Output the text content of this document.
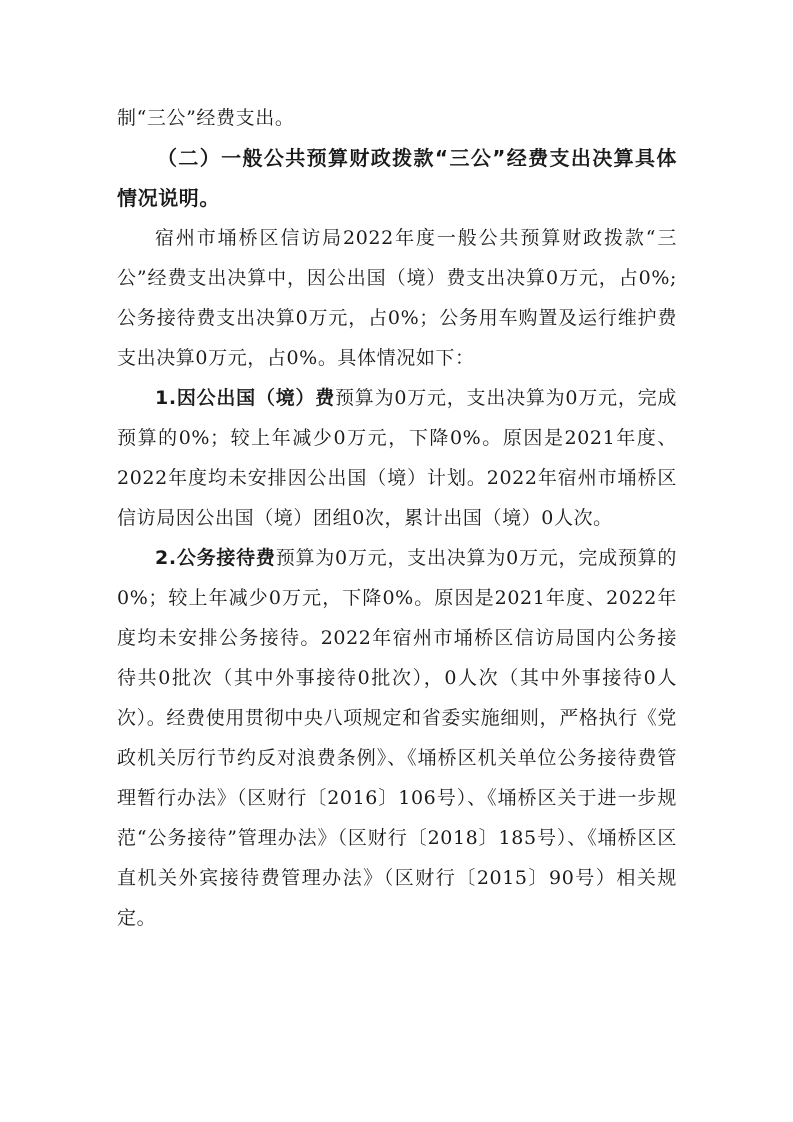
制“三公”经费支出。

（二）一般公共预算财政拨款“三公”经费支出决算具体情况说明。

宿州市埇桥区信访局2022年度一般公共预算财政拨款“三公”经费支出决算中，因公出国（境）费支出决算0万元，占0%;公务接待费支出决算0万元，占0%；公务用车购置及运行维护费支出决算0万元，占0%。具体情况如下：

1.因公出国（境）费预算为0万元，支出决算为0万元，完成预算的0%；较上年减少0万元，下降0%。原因是2021年度、2022年度均未安排因公出国（境）计划。2022年宿州市埇桥区信访局因公出国（境）团组0次，累计出国（境）0人次。

2.公务接待费预算为0万元，支出决算为0万元，完成预算的0%；较上年减少0万元，下降0%。原因是2021年度、2022年度均未安排公务接待。2022年宿州市埇桥区信访局国内公务接待共0批次（其中外事接待0批次），0人次（其中外事接待0人次）。经费使用贯彻中央八项规定和省委实施细则，严格执行《党政机关厉行节约反对浪费条例》、《埇桥区机关单位公务接待费管理暂行办法》（区财行〔2016〕106号）、《埇桥区关于进一步规范“公务接待”管理办法》（区财行〔2018〕185号）、《埇桥区区直机关外宾接待费管理办法》（区财行〔2015〕90号）相关规定。
